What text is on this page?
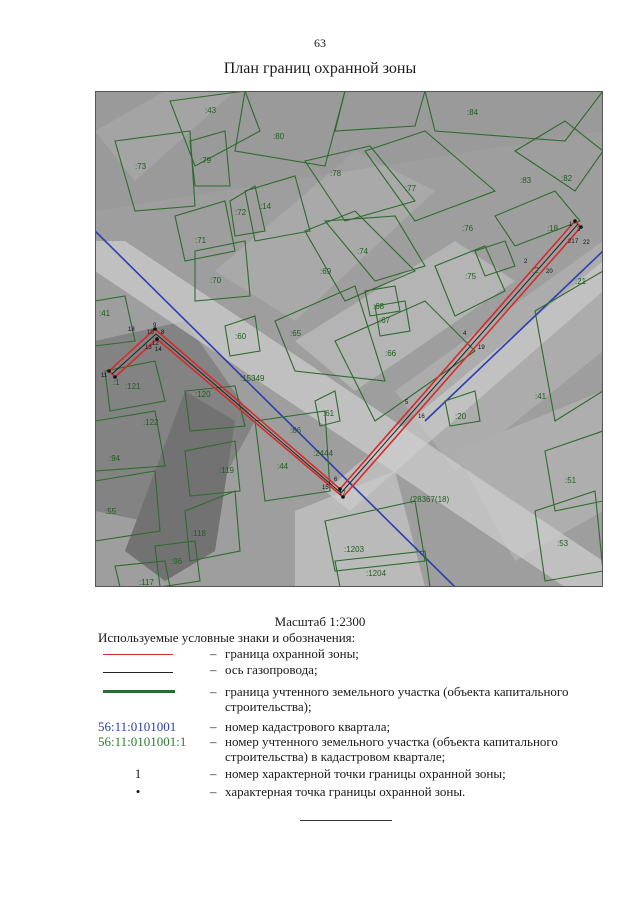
63
План границ охранной зоны
:43
:80
:84
:73
:79
:78
:77
:83	:82
:72
:14
:76	:18
:71
:74
:69	:2
:70	:75
:21
:68
:67
:41
:60	:65
:66
:41
:1 :121
:15349
:120
:61	:20
:122
:86
:2444
:44
:94
:119
:51
(28367(18)
:55
:118
:53
:1203
:96
:1204
:117
11
10
9
8
18
12
13 14
15
6
17
5
16
4
19
2
20
1
3
7
21 22
Масштаб 1:2300
Используемые условные знаки и обозначения:
– граница охранной зоны;
– ось газопровода;
– граница учтенного земельного участка (объекта капитального строительства);
56:11:0101001	– номер кадастрового квартала;
56:11:0101001:1	– номер учтенного земельного участка (объекта капитального строительства) в кадастровом квартале;
1	– номер характерной точки границы охранной зоны;
•	– характерная точка границы охранной зоны.
